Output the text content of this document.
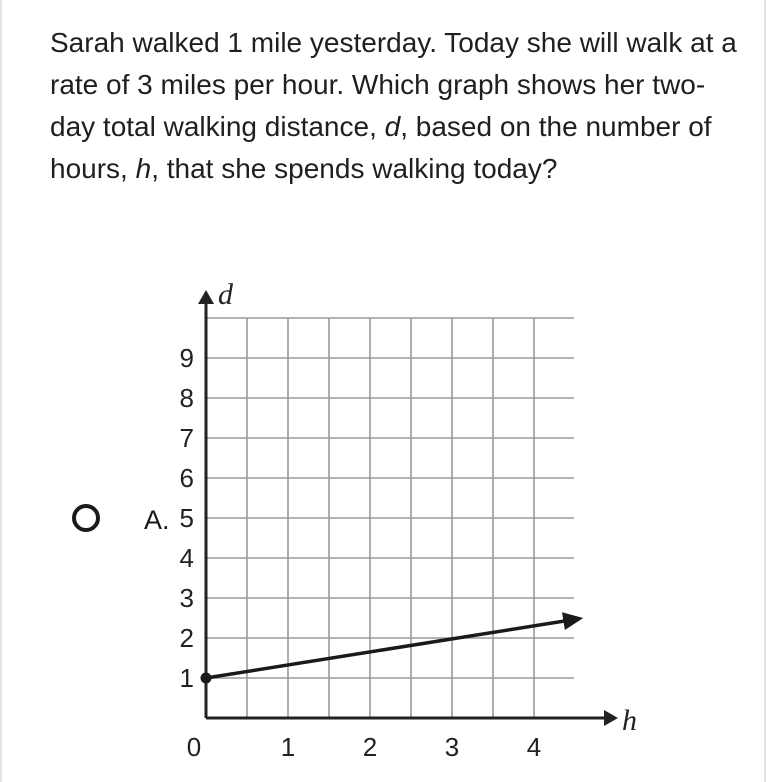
Sarah walked 1 mile yesterday. Today she will walk at a rate of 3 miles per hour. Which graph shows her two-day total walking distance, d, based on the number of hours, h, that she spends walking today?

d
h
1
2
3
4
5
6
7
8
9
0	1	2	3	4
A.
